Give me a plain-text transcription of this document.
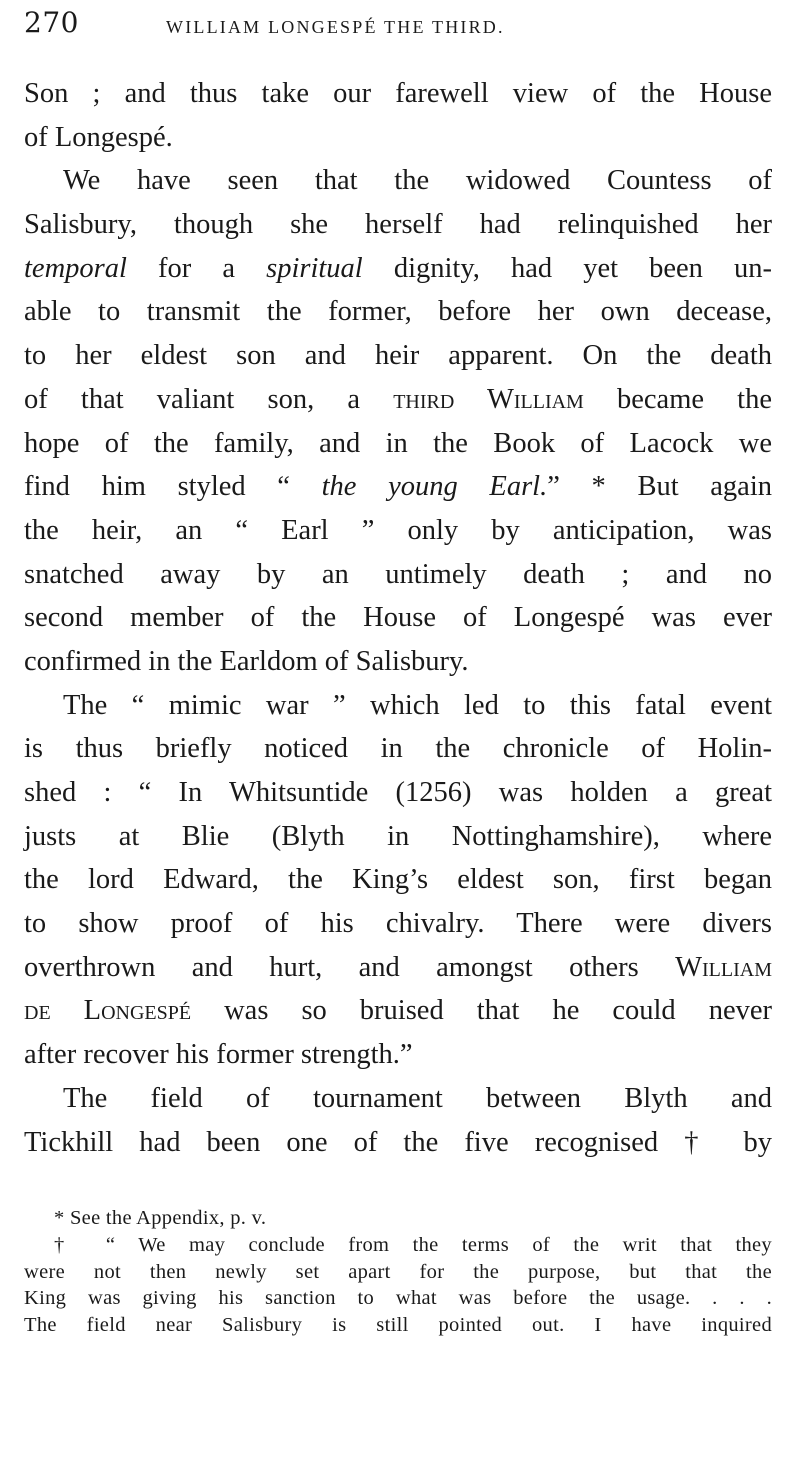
270	WILLIAM LONGESPÉ THE THIRD.
Son ; and thus take our farewell view of the House
of Longespé.
We have seen that the widowed Countess of
Salisbury, though she herself had relinquished her
temporal for a spiritual dignity, had yet been un-
able to transmit the former, before her own decease,
to her eldest son and heir apparent. On the death
of that valiant son, a third William became the
hope of the family, and in the Book of Lacock we
find him styled “ the young Earl.” * But again
the heir, an “ Earl ” only by anticipation, was
snatched away by an untimely death ; and no
second member of the House of Longespé was ever
confirmed in the Earldom of Salisbury.
The “ mimic war ” which led to this fatal event
is thus briefly noticed in the chronicle of Holin-
shed : “ In Whitsuntide (1256) was holden a great
justs at Blie (Blyth in Nottinghamshire), where
the lord Edward, the King’s eldest son, first began
to show proof of his chivalry. There were divers
overthrown and hurt, and amongst others William
de Longespé was so bruised that he could never
after recover his former strength.”
The field of tournament between Blyth and
Tickhill had been one of the five recognised † by
* See the Appendix, p. v.
† “ We may conclude from the terms of the writ that they
were not then newly set apart for the purpose, but that the
King was giving his sanction to what was before the usage. . . .
The field near Salisbury is still pointed out. I have inquired
